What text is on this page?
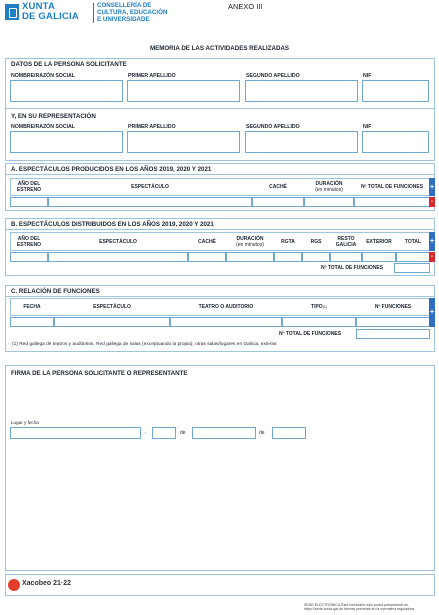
XUNTA
DE GALICIA
CONSELLERÍA DE
CULTURA, EDUCACIÓN
E UNIVERSIDADE
ANEXO III
MEMORIA DE LAS ACTIVIDADES REALIZADAS
DATOS DE LA PERSONA SOLICITANTE
NOMBRE/RAZÓN SOCIAL	PRIMER APELLIDO	SEGUNDO APELLIDO	NIF
Y, EN SU REPRESENTACIÓN
NOMBRE/RAZÓN SOCIAL	PRIMER APELLIDO	SEGUNDO APELLIDO	NIF
A. ESPECTÁCULOS PRODUCIDOS EN LOS AÑOS 2019, 2020 Y 2021
AÑO DEL
ESTRENO	ESPECTÁCULO	CACHÉ	DURACIÓN
(en minutos)	Nº TOTAL DE FUNCIONES +
-
B. ESPECTÁCULOS DISTRIBUIDOS EN LOS AÑOS 2019, 2020 Y 2021
AÑO DEL
ESTRENO	ESPECTÁCULO	CACHÉ	DURACIÓN
(en minutos)	RGTA	RGS	RESTO
GALICIA	EXTERIOR	TOTAL	+
-
Nº TOTAL DE FUNCIONES
C. RELACIÓN DE FUNCIONES
FECHA	ESPECTÁCULO	TEATRO O AUDITORIO	TIPO (1)	Nº FUNCIONES
+
Nº TOTAL DE FUNCIONES
(1) Red gallega de teatros y auditorios, Red gallega de salas (exceptuando la propia), otras salas/lugares en Galicia, exterior.
FIRMA DE LA PERSONA SOLICITANTE O REPRESENTANTE
Lugar y fecha
,	de	de
Xacobeo 21·22
SEDE ELECTRÓNICA Este formulario solo podrá presentarse en
https://sede.xunta.gal de formas previstas en la normativa reguladora
